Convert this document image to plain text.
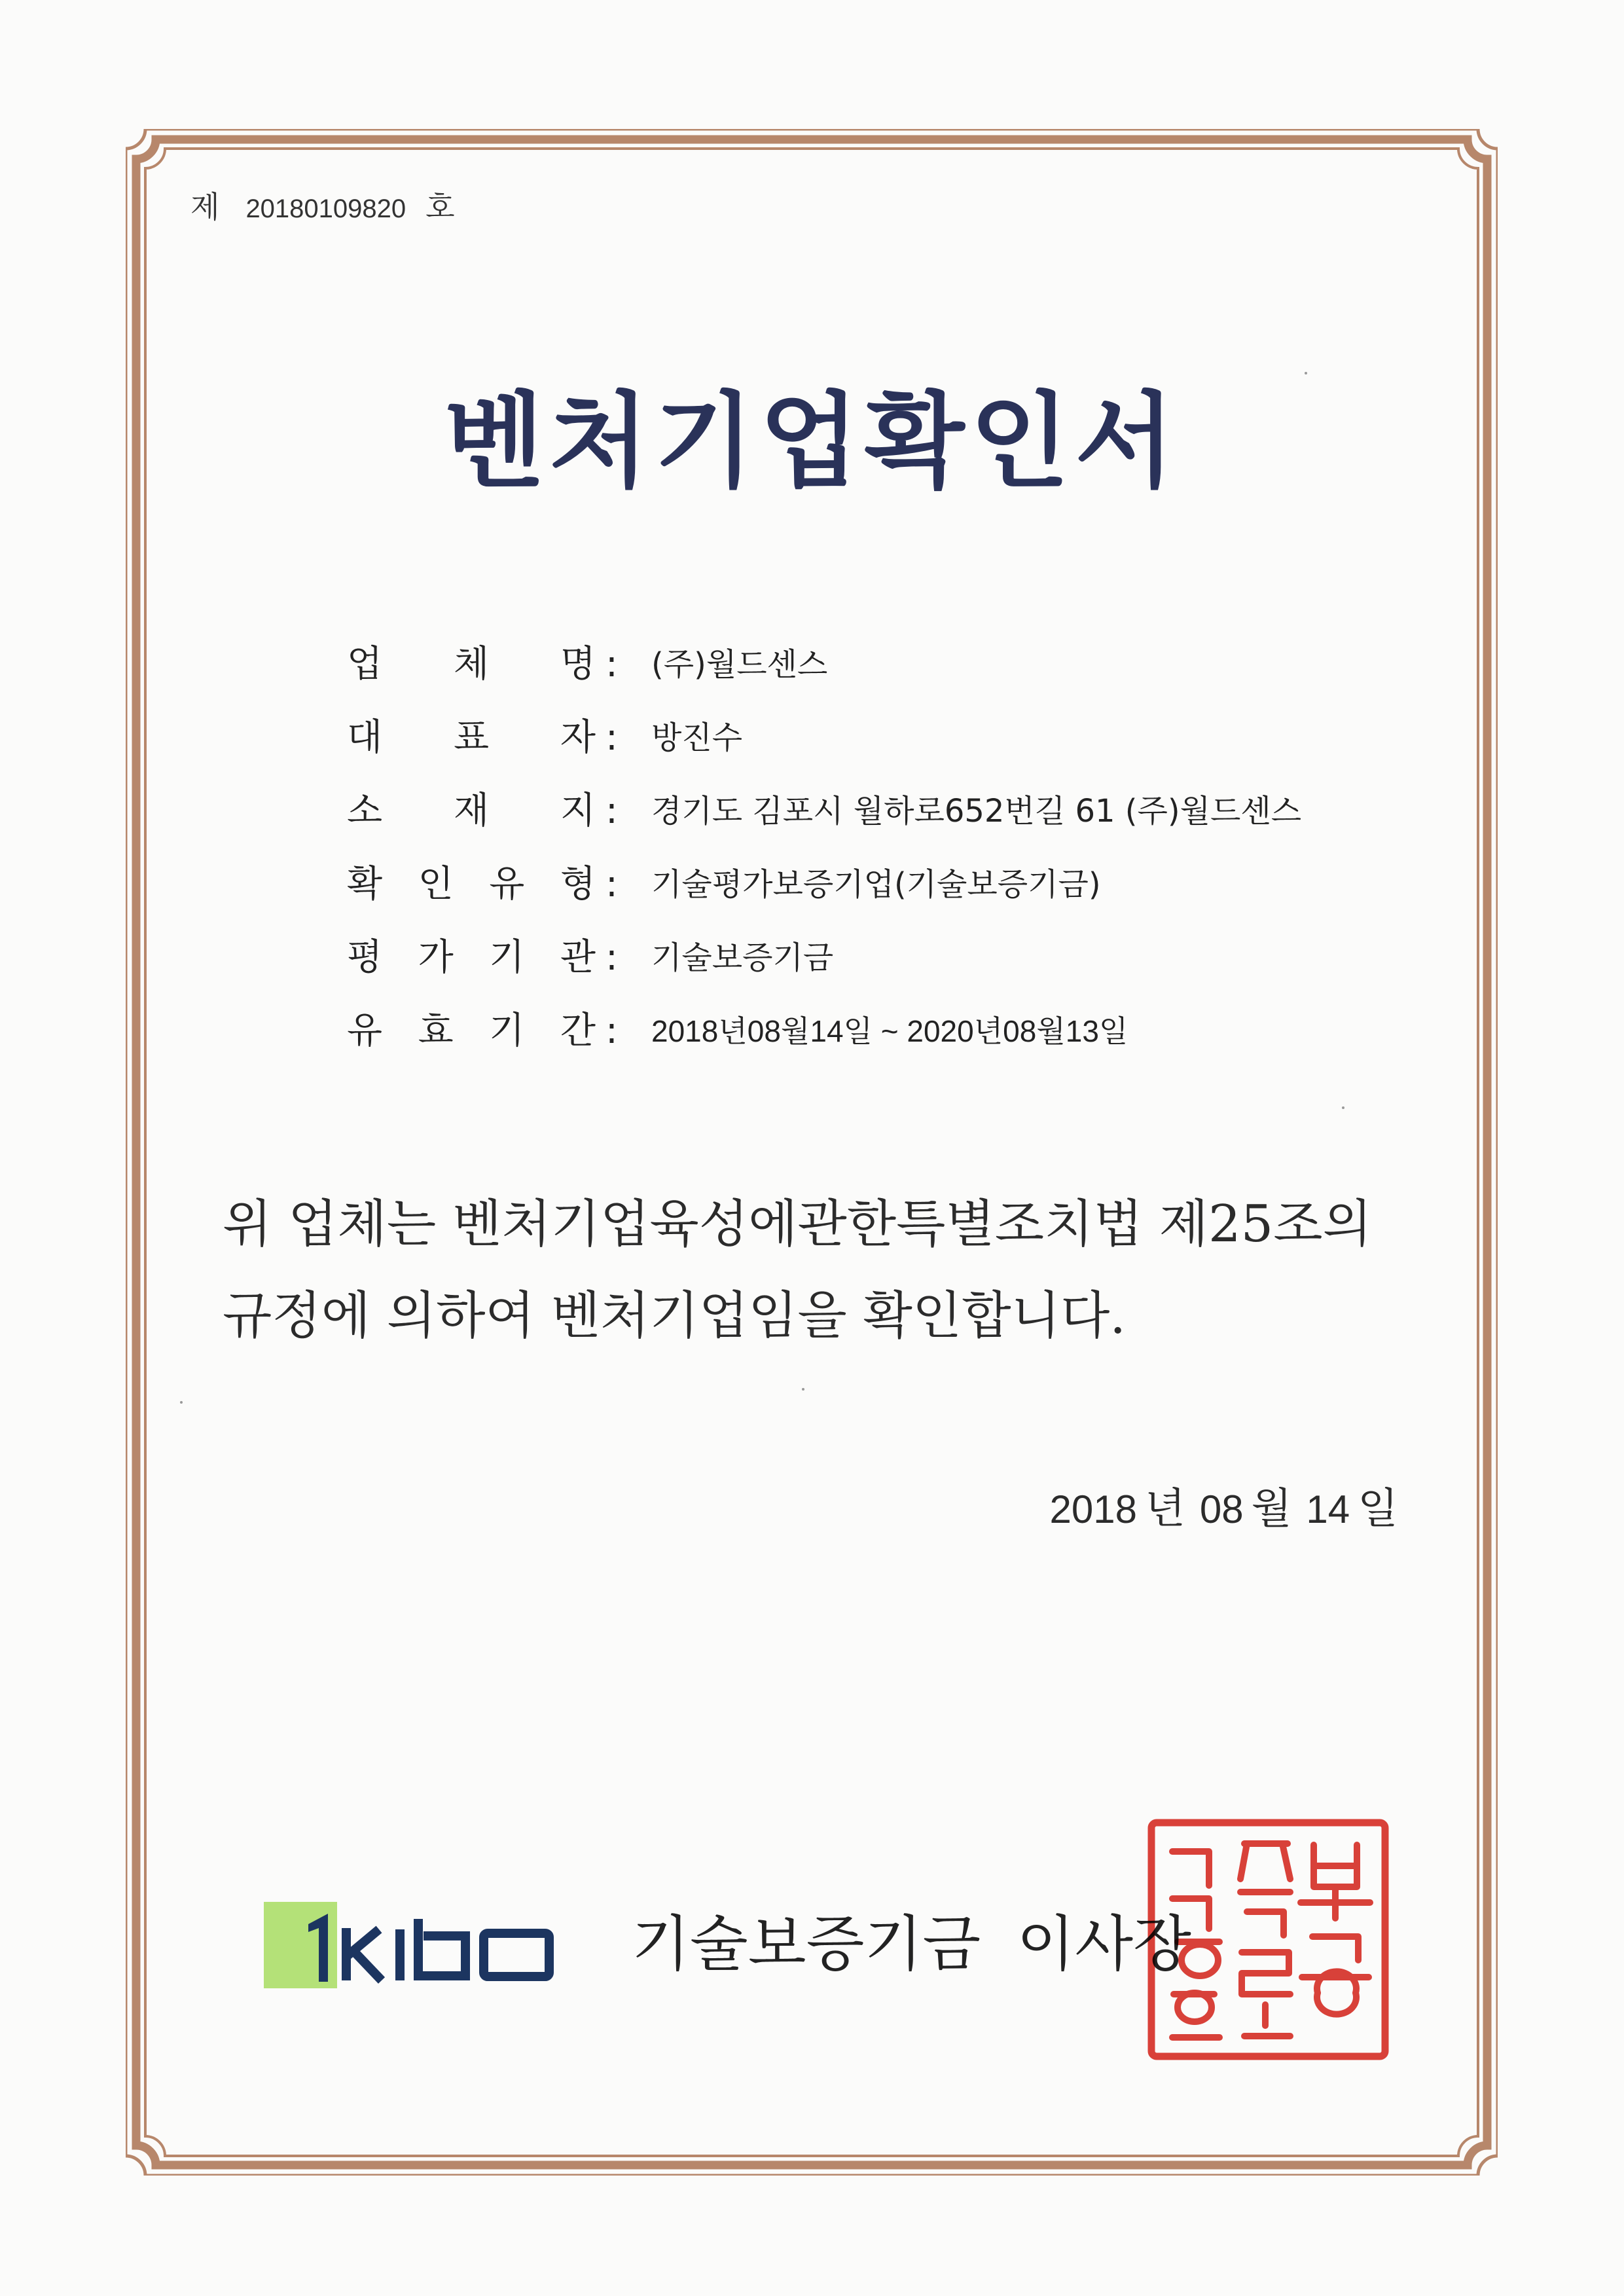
제 20180109820 호
벤처기업확인서
업 체 명 : (주)월드센스
대 표 자 : 방진수
소 재 지 : 경기도 김포시 월하로652번길 61 (주)월드센스
확 인 유 형 : 기술평가보증기업(기술보증기금)
평 가 기 관 : 기술보증기금
유 효 기 간 : 2018년08월14일 ~ 2020년08월13일
위 업체는 벤처기업육성에관한특별조치법 제25조의
규정에 의하여 벤처기업임을 확인합니다.
2018 년 08 월 14 일
기술보증기금 이사장
